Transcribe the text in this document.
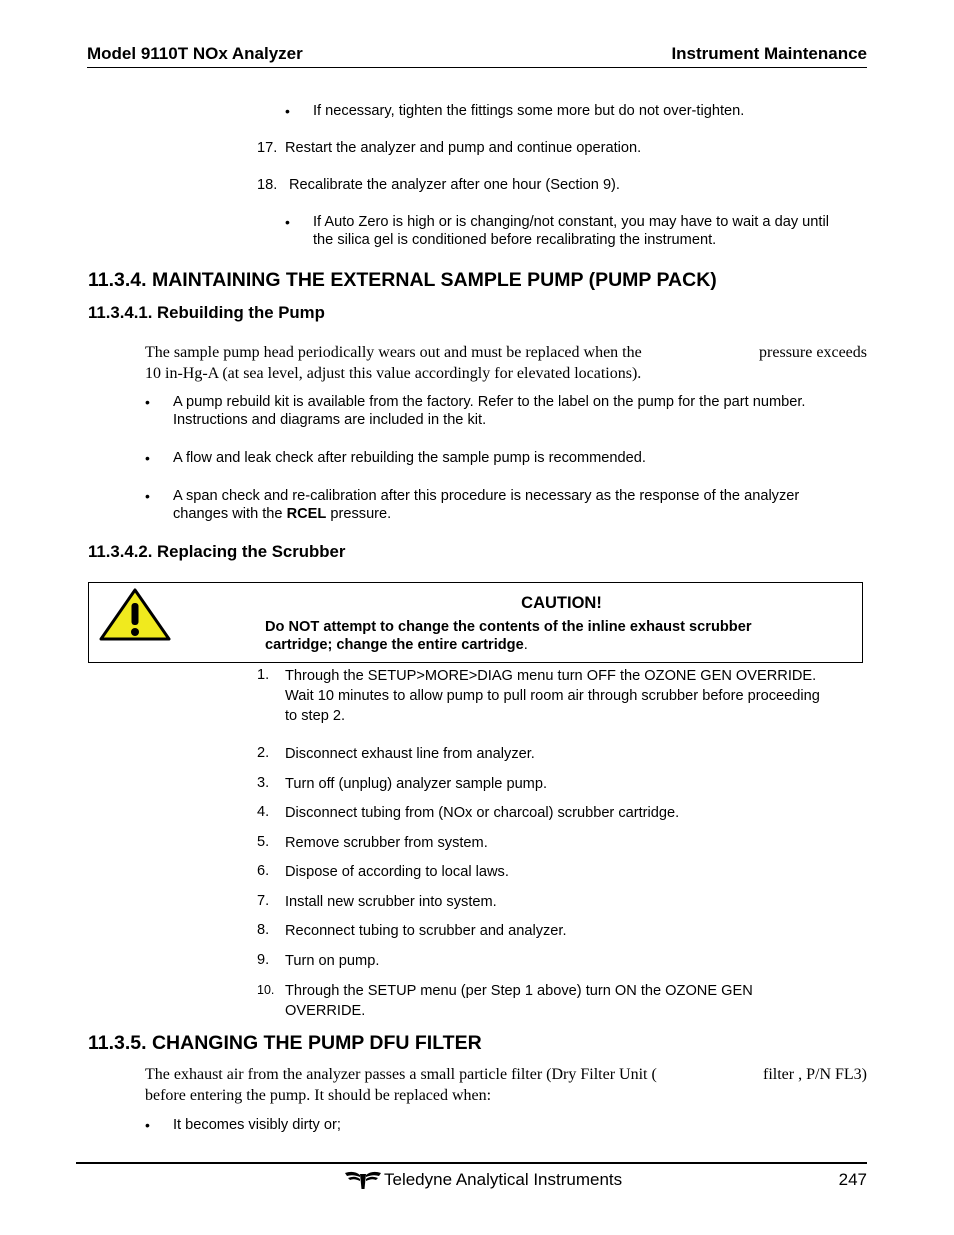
Model 9110T NOx Analyzer	Instrument Maintenance
• If necessary, tighten the fittings some more but do not over-tighten.
17. Restart the analyzer and pump and continue operation.
18. Recalibrate the analyzer after one hour (Section 9).
• If Auto Zero is high or is changing/not constant, you may have to wait a day until
the silica gel is conditioned before recalibrating the instrument.
11.3.4. MAINTAINING THE EXTERNAL SAMPLE PUMP (PUMP PACK)
11.3.4.1. Rebuilding the Pump
The sample pump head periodically wears out and must be replaced when the	pressure exceeds
10 in-Hg-A (at sea level, adjust this value accordingly for elevated locations).
• A pump rebuild kit is available from the factory. Refer to the label on the pump for the part number.
Instructions and diagrams are included in the kit.
• A flow and leak check after rebuilding the sample pump is recommended.
• A span check and re-calibration after this procedure is necessary as the response of the analyzer
changes with the RCEL pressure.
11.3.4.2. Replacing the Scrubber
CAUTION!
Do NOT attempt to change the contents of the inline exhaust scrubber
cartridge; change the entire cartridge.
1. Through the SETUP>MORE>DIAG menu turn OFF the OZONE GEN OVERRIDE.
Wait 10 minutes to allow pump to pull room air through scrubber before proceeding
to step 2.
2. Disconnect exhaust line from analyzer.
3. Turn off (unplug) analyzer sample pump.
4. Disconnect tubing from (NOx or charcoal) scrubber cartridge.
5. Remove scrubber from system.
6. Dispose of according to local laws.
7. Install new scrubber into system.
8. Reconnect tubing to scrubber and analyzer.
9. Turn on pump.
10. Through the SETUP menu (per Step 1 above) turn ON the OZONE GEN
OVERRIDE.
11.3.5. CHANGING THE PUMP DFU FILTER
The exhaust air from the analyzer passes a small particle filter (Dry Filter Unit (	filter , P/N FL3)
before entering the pump. It should be replaced when:
• It becomes visibly dirty or;
Teledyne Analytical Instruments	247
